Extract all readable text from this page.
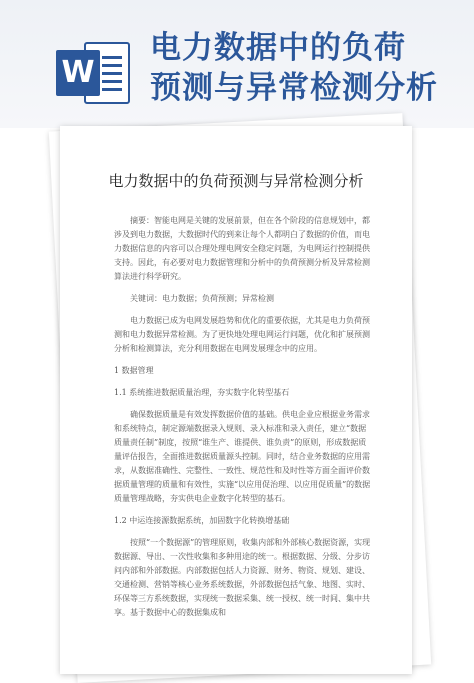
W
电力数据中的负荷
预测与异常检测分析
电力数据中的负荷预测与异常检测分析

摘要：智能电网是关键的发展前景，但在各个阶段的信息规划中，都涉及到电力数据，大数据时代的到来让每个人都明白了数据的价值，而电力数据信息的内容可以合理处理电网安全稳定问题，为电网运行控制提供支持。因此，有必要对电力数据管理和分析中的负荷预测分析及异常检测算法进行科学研究。

关键词：电力数据；负荷预测；异常检测

电力数据已成为电网发展趋势和优化的重要依据，尤其是电力负荷预测和电力数据异常检测。为了更快地处理电网运行问题，优化和扩展预测分析和检测算法，充分利用数据在电网发展理念中的应用。

1 数据管理

1.1 系统推进数据质量治理，夯实数字化转型基石

确保数据质量是有效发挥数据价值的基础。供电企业应根据业务需求和系统特点，制定源端数据录入规则、录入标准和录入责任，建立“数据质量责任制”制度，按照“谁生产、谁提供、谁负责”的原则，形成数据质量评估报告，全面推进数据质量源头控制。同时，结合业务数据的应用需求，从数据准确性、完整性、一致性、规范性和及时性等方面全面评价数据质量管理的质量和有效性，实施“以应用促治理、以应用促质量”的数据质量管理战略，夯实供电企业数字化转型的基石。

1.2 中运连接源数据系统，加固数字化转换增基础

按照“一个数据源”的管理原则，收集内部和外部核心数据资源，实现数据源、导出、一次性收集和多种用途的统一。根据数据、分级、分步访问内部和外部数据。内部数据包括人力资源、财务、物资、规划、建设、交通检测、营销等核心业务系统数据，外部数据包括气象、地图、实时、环保等三方系统数据，实现统一数据采集、统一授权、统一时间、集中共享。基于数据中心的数据集成和
